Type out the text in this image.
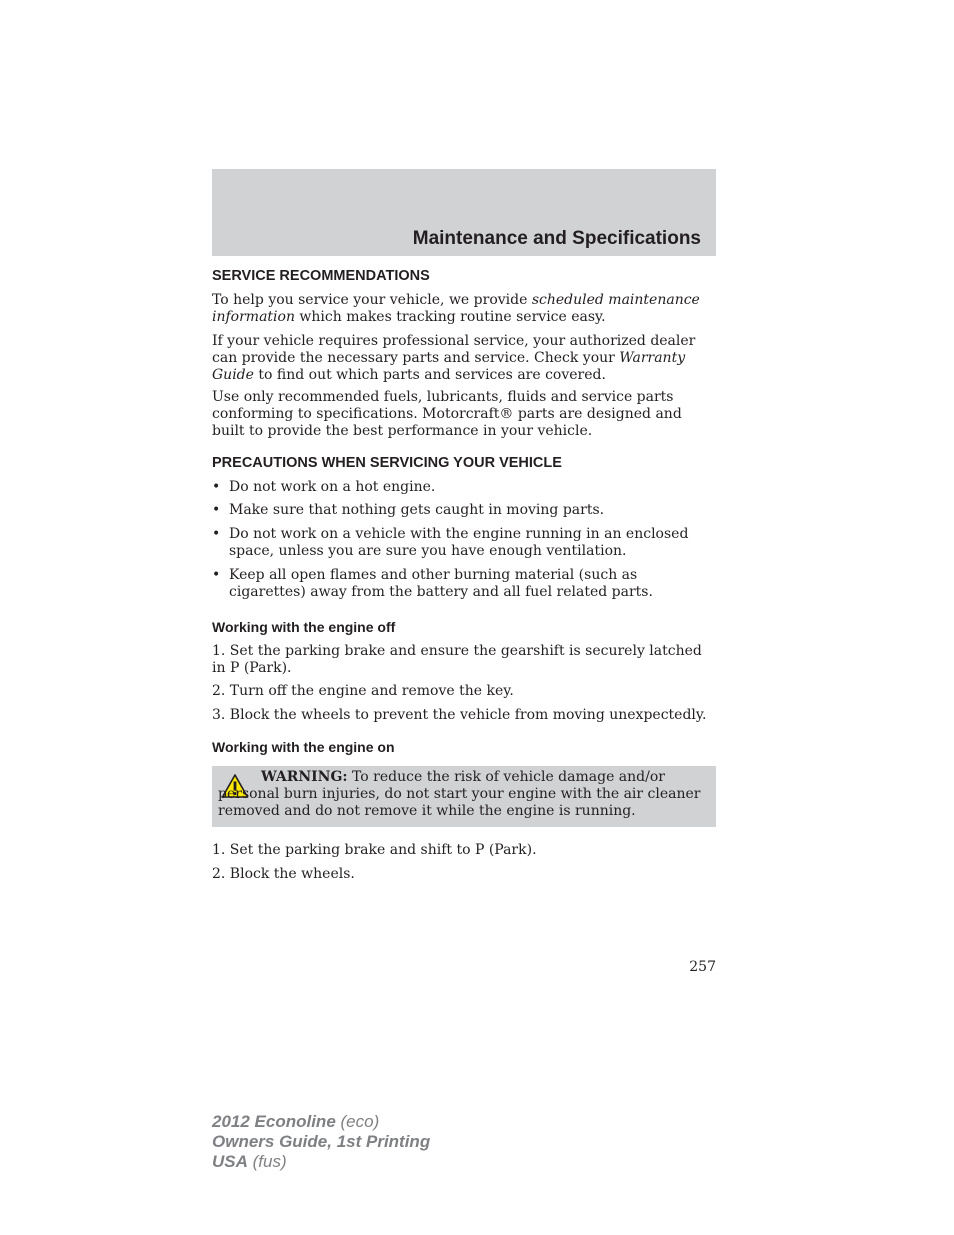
Maintenance and Specifications
SERVICE RECOMMENDATIONS

To help you service your vehicle, we provide scheduled maintenance information which makes tracking routine service easy.

If your vehicle requires professional service, your authorized dealer can provide the necessary parts and service. Check your Warranty Guide to find out which parts and services are covered.

Use only recommended fuels, lubricants, fluids and service parts conforming to specifications. Motorcraft® parts are designed and built to provide the best performance in your vehicle.

PRECAUTIONS WHEN SERVICING YOUR VEHICLE
• Do not work on a hot engine.
• Make sure that nothing gets caught in moving parts.
• Do not work on a vehicle with the engine running in an enclosed space, unless you are sure you have enough ventilation.
• Keep all open flames and other burning material (such as cigarettes) away from the battery and all fuel related parts.
Working with the engine off

1. Set the parking brake and ensure the gearshift is securely latched in P (Park).

2. Turn off the engine and remove the key.

3. Block the wheels to prevent the vehicle from moving unexpectedly.

Working with the engine on
WARNING: To reduce the risk of vehicle damage and/or personal burn injuries, do not start your engine with the air cleaner removed and do not remove it while the engine is running.

1. Set the parking brake and shift to P (Park).

2. Block the wheels.

257
2012 Econoline (eco)
Owners Guide, 1st Printing
USA (fus)
